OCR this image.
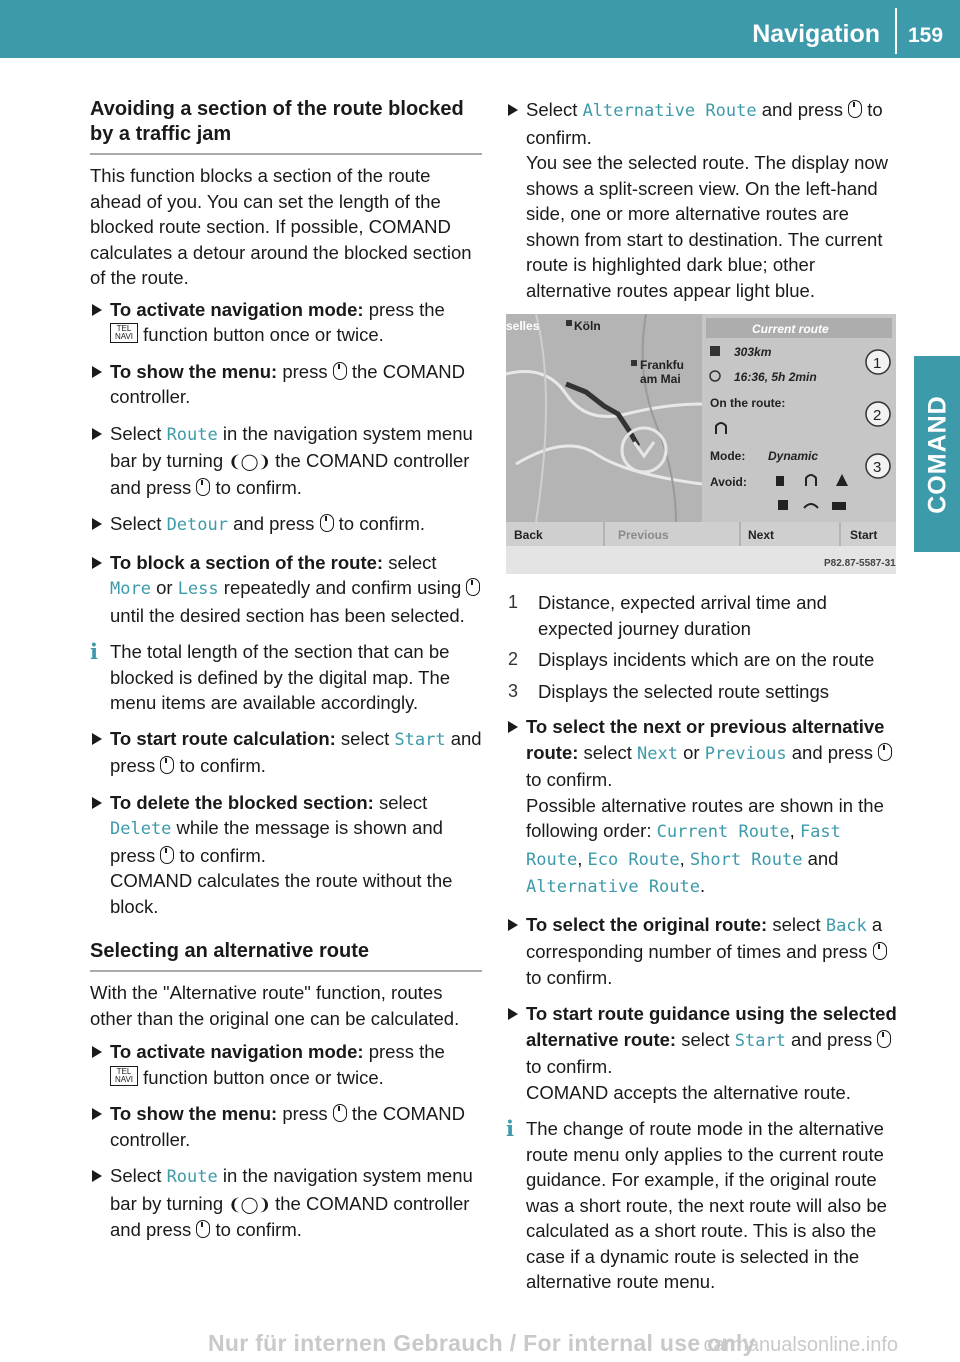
Navigation 159
COMAND
Avoiding a section of the route blocked by a traffic jam

This function blocks a section of the route ahead of you. You can set the length of the blocked route section. If possible, COMAND calculates a detour around the blocked section of the route.

To activate navigation mode: press the
TEL
NAVI function button once or twice.
To show the menu: press  the COMAND controller.
Select Route in the navigation system menu bar by turning ❨◯❩ the COMAND controller and press  to confirm.
Select Detour and press  to confirm.
To block a section of the route: select More or Less repeatedly and confirm using  until the desired section has been selected.
i The total length of the section that can be blocked is defined by the digital map. The menu items are available accordingly.
To start route calculation: select Start and press  to confirm.
To delete the blocked section: select Delete while the message is shown and press  to confirm.
COMAND calculates the route without the block.
Selecting an alternative route

With the "Alternative route" function, routes other than the original one can be calculated.

To activate navigation mode: press the
TEL
NAVI function button once or twice.
To show the menu: press  the COMAND controller.
Select Route in the navigation system menu bar by turning ❨◯❩ the COMAND controller and press  to confirm.
Select Alternative Route and press  to confirm.
You see the selected route. The display now shows a split-screen view. On the left-hand side, one or more alternative routes are shown from start to destination. The current route is highlighted dark blue; other alternative routes appear light blue.
selles	Köln
Frankfu
am Mai
Current route
303km
16:36, 5h 2min
On the route:
Mode: Dynamic
Avoid:
1
2
3
Back	Previous	Next	Start
P82.87-5587-31
1 Distance, expected arrival time and expected journey duration
2 Displays incidents which are on the route
3 Displays the selected route settings
To select the next or previous alternative route: select Next or Previous and press  to confirm.
Possible alternative routes are shown in the following order: Current Route, Fast Route, Eco Route, Short Route and Alternative Route.
To select the original route: select Back a corresponding number of times and press  to confirm.
To start route guidance using the selected alternative route: select Start and press  to confirm.
COMAND accepts the alternative route.
i The change of route mode in the alternative route menu only applies to the current route guidance. For example, if the original route was a short route, the next route will also be calculated as a short route. This is also the case if a dynamic route is selected in the alternative route menu.
Nur für internen Gebrauch / For internal use only
carmanualsonline.info
